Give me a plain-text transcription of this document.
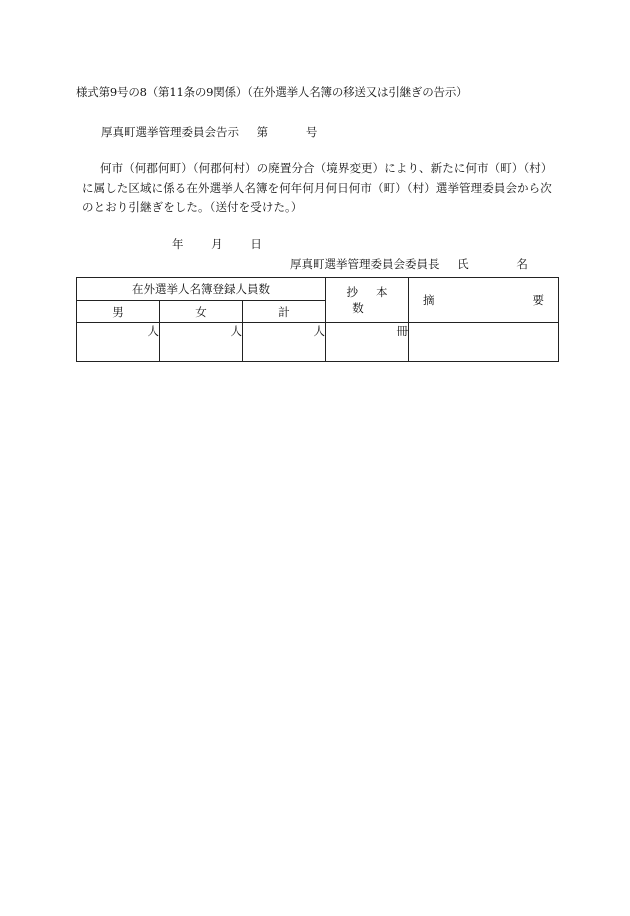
様式第9号の8（第11条の9関係）（在外選挙人名簿の移送又は引継ぎの告示）
厚真町選挙管理委員会告示 第	号
何市（何郡何町）（何郡何村）の廃置分合（境界変更）により、新たに何市（町）（村）に属した区域に係る在外選挙人名簿を何年何月何日何市（町）（村）選挙管理委員会から次のとおり引継ぎをした。（送付を受けた。）
年 月 日
厚真町選挙管理委員会委員長 氏	名
在外選挙人名簿登録人員数			抄本数	摘 要

男	女	計		
人	人	人	冊	
